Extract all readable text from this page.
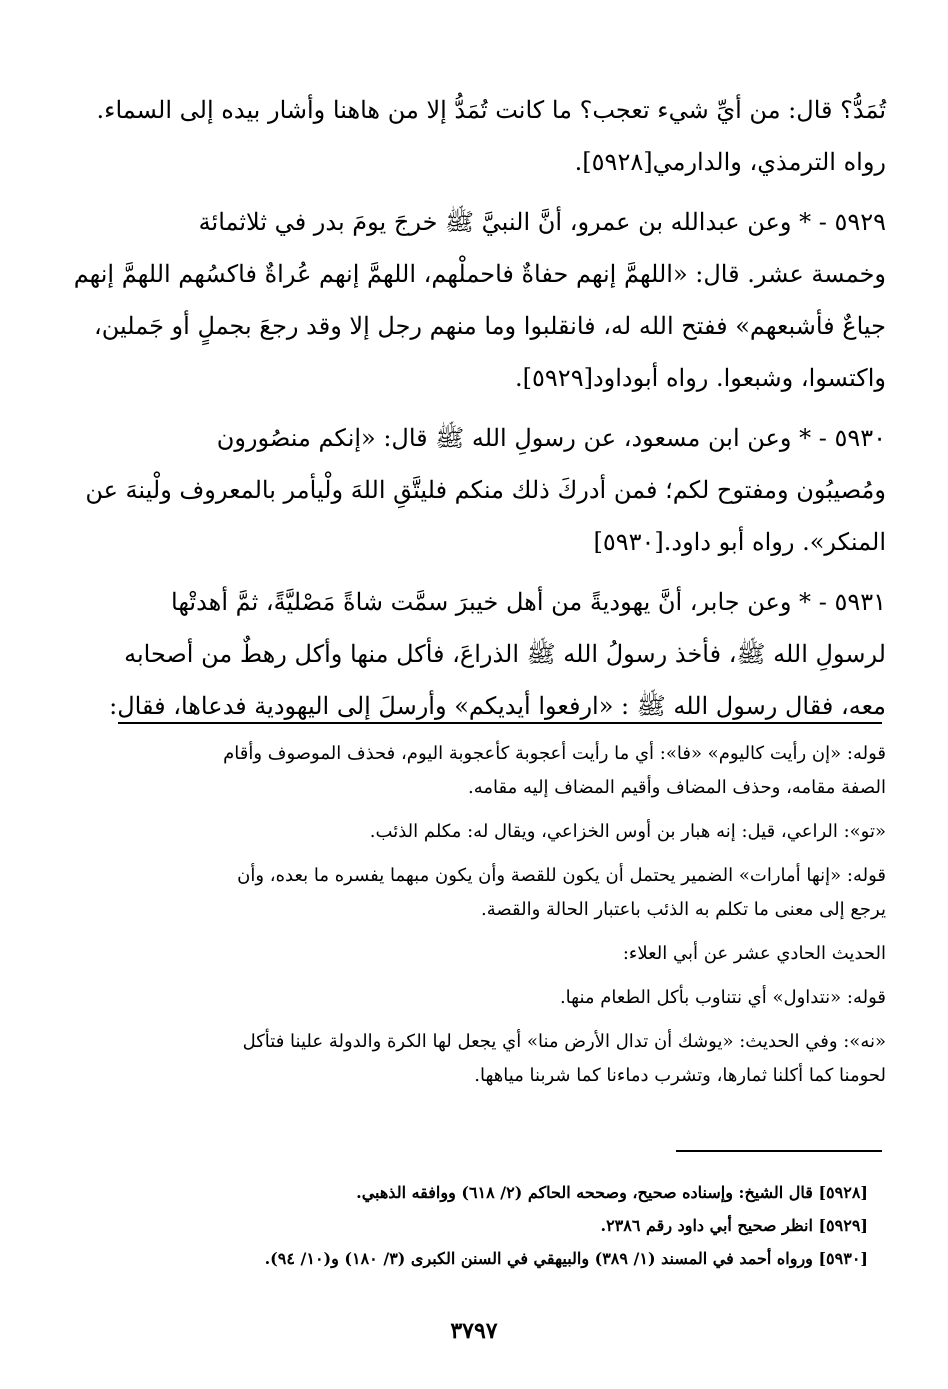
تُمَدُّ؟ قال: من أيِّ شيء تعجب؟ ما كانت تُمَدُّ إلا من هاهنا وأشار بيده إلى السماء.
رواه الترمذي، والدارمي[٥٩٢٨].
٥٩٢٩ - * وعن عبدالله بن عمرو، أنَّ النبيَّ ﷺ خرجَ يومَ بدر في ثلاثمائة
وخمسة عشر. قال: «اللهمَّ إنهم حفاةٌ فاحملْهم، اللهمَّ إنهم عُراةٌ فاكسُهم اللهمَّ إنهم
جياعٌ فأشبعهم» ففتح الله له، فانقلبوا وما منهم رجل إلا وقد رجعَ بجملٍ أو جَملين،
واكتسوا، وشبعوا. رواه أبوداود[٥٩٢٩].
٥٩٣٠ - * وعن ابن مسعود، عن رسولِ الله ﷺ قال: «إنكم منصُورون
ومُصيبُون ومفتوح لكم؛ فمن أدركَ ذلك منكم فليتَّقِ اللهَ ولْيأمر بالمعروف ولْينهَ عن
المنكر». رواه أبو داود.[٥٩٣٠]
٥٩٣١ - * وعن جابر، أنَّ يهوديةً من أهل خيبرَ سمَّت شاةً مَصْليَّةً، ثمَّ أهدتْها
لرسولِ الله ﷺ، فأخذ رسولُ الله ﷺ الذراعَ، فأكل منها وأكل رهطٌ من أصحابه
معه، فقال رسول الله ﷺ : «ارفعوا أيديكم» وأرسلَ إلى اليهودية فدعاها، فقال:
قوله: «إن رأيت كاليوم» «فا»: أي ما رأيت أعجوبة كأعجوبة اليوم، فحذف الموصوف وأقام
الصفة مقامه، وحذف المضاف وأقيم المضاف إليه مقامه.
«تو»: الراعي، قيل: إنه هبار بن أوس الخزاعي، ويقال له: مكلم الذئب.
قوله: «إنها أمارات» الضمير يحتمل أن يكون للقصة وأن يكون مبهما يفسره ما بعده، وأن
يرجع إلى معنى ما تكلم به الذئب باعتبار الحالة والقصة.
الحديث الحادي عشر عن أبي العلاء:
قوله: «نتداول» أي نتناوب بأكل الطعام منها.
«نه»: وفي الحديث: «يوشك أن تدال الأرض منا» أي يجعل لها الكرة والدولة علينا فتأكل
لحومنا كما أكلنا ثمارها، وتشرب دماءنا كما شربنا مياهها.
[٥٩٢٨] قال الشيخ: وإسناده صحيح، وصححه الحاكم (٢/ ٦١٨) ووافقه الذهبي.
[٥٩٢٩] انظر صحيح أبي داود رقم ٢٣٨٦.
[٥٩٣٠] ورواه أحمد في المسند (١/ ٣٨٩) والبيهقي في السنن الكبرى (٣/ ١٨٠) و(١٠/ ٩٤).
٣٧٩٧
